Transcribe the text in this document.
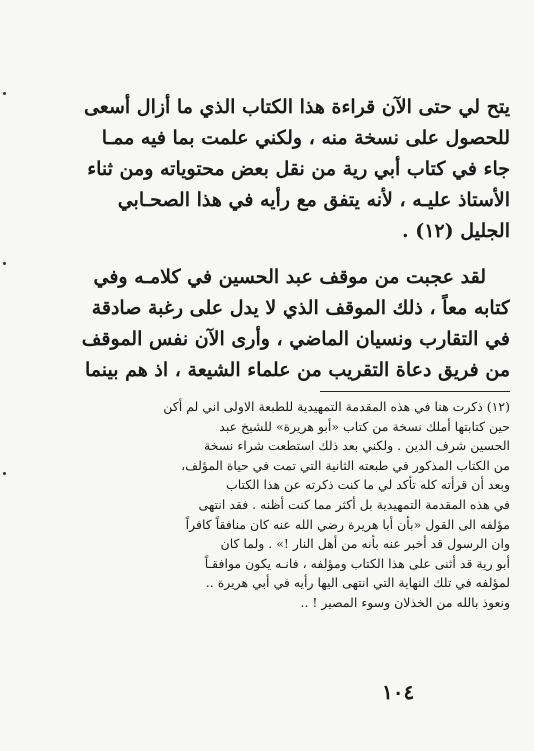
يتح لي حتى الآن قراءة هذا الكتاب الذي ما أزال أسعى
للحصول على نسخة منه ، ولكني علمت بما فيه ممـا
جاء في كتاب أبي رية من نقل بعض محتوياته ومن ثناء
الأستاذ عليـه ، لأنه يتفق مع رأيه في هذا الصحـابي
الجليل (١٢) .
لقد عجبت من موقف عبد الحسين في كلامـه وفي
كتابه معاً ، ذلك الموقف الذي لا يدل على رغبة صادقة
في التقارب ونسيان الماضي ، وأرى الآن نفس الموقف
من فريق دعاة التقريب من علماء الشيعة ، اذ هم بينما
(١٢) ذكرت هنا في هذه المقدمة التمهيدية للطبعة الاولى اني لم أكن
حين كتابتها أملك نسخة من كتاب «أبو هريرة» للشيخ عبد
الحسين شرف الدين . ولكني بعد ذلك استطعت شراء نسخة
من الكتاب المذكور في طبعته الثانية التي تمت في حياة المؤلف،
وبعد أن قرأته كله تأكد لي ما كنت ذكرته عن هذا الكتاب
في هذه المقدمة التمهيدية بل أكثر مما كنت أظنه . فقد انتهى
مؤلفه الى القول «بأن أبا هريرة رضي الله عنه كان منافقاً كافراً
وان الرسول قد أخبر عنه بأنه من أهل النار !» . ولما كان
أبو رية قد أثنى على هذا الكتاب ومؤلفه ، فانـه يكون موافقـاً
لمؤلفه في تلك النهاية التي انتهى اليها رأيه في أبي هريرة ..
ونعوذ بالله من الخذلان وسوء المصير ! ..
١٠٤
